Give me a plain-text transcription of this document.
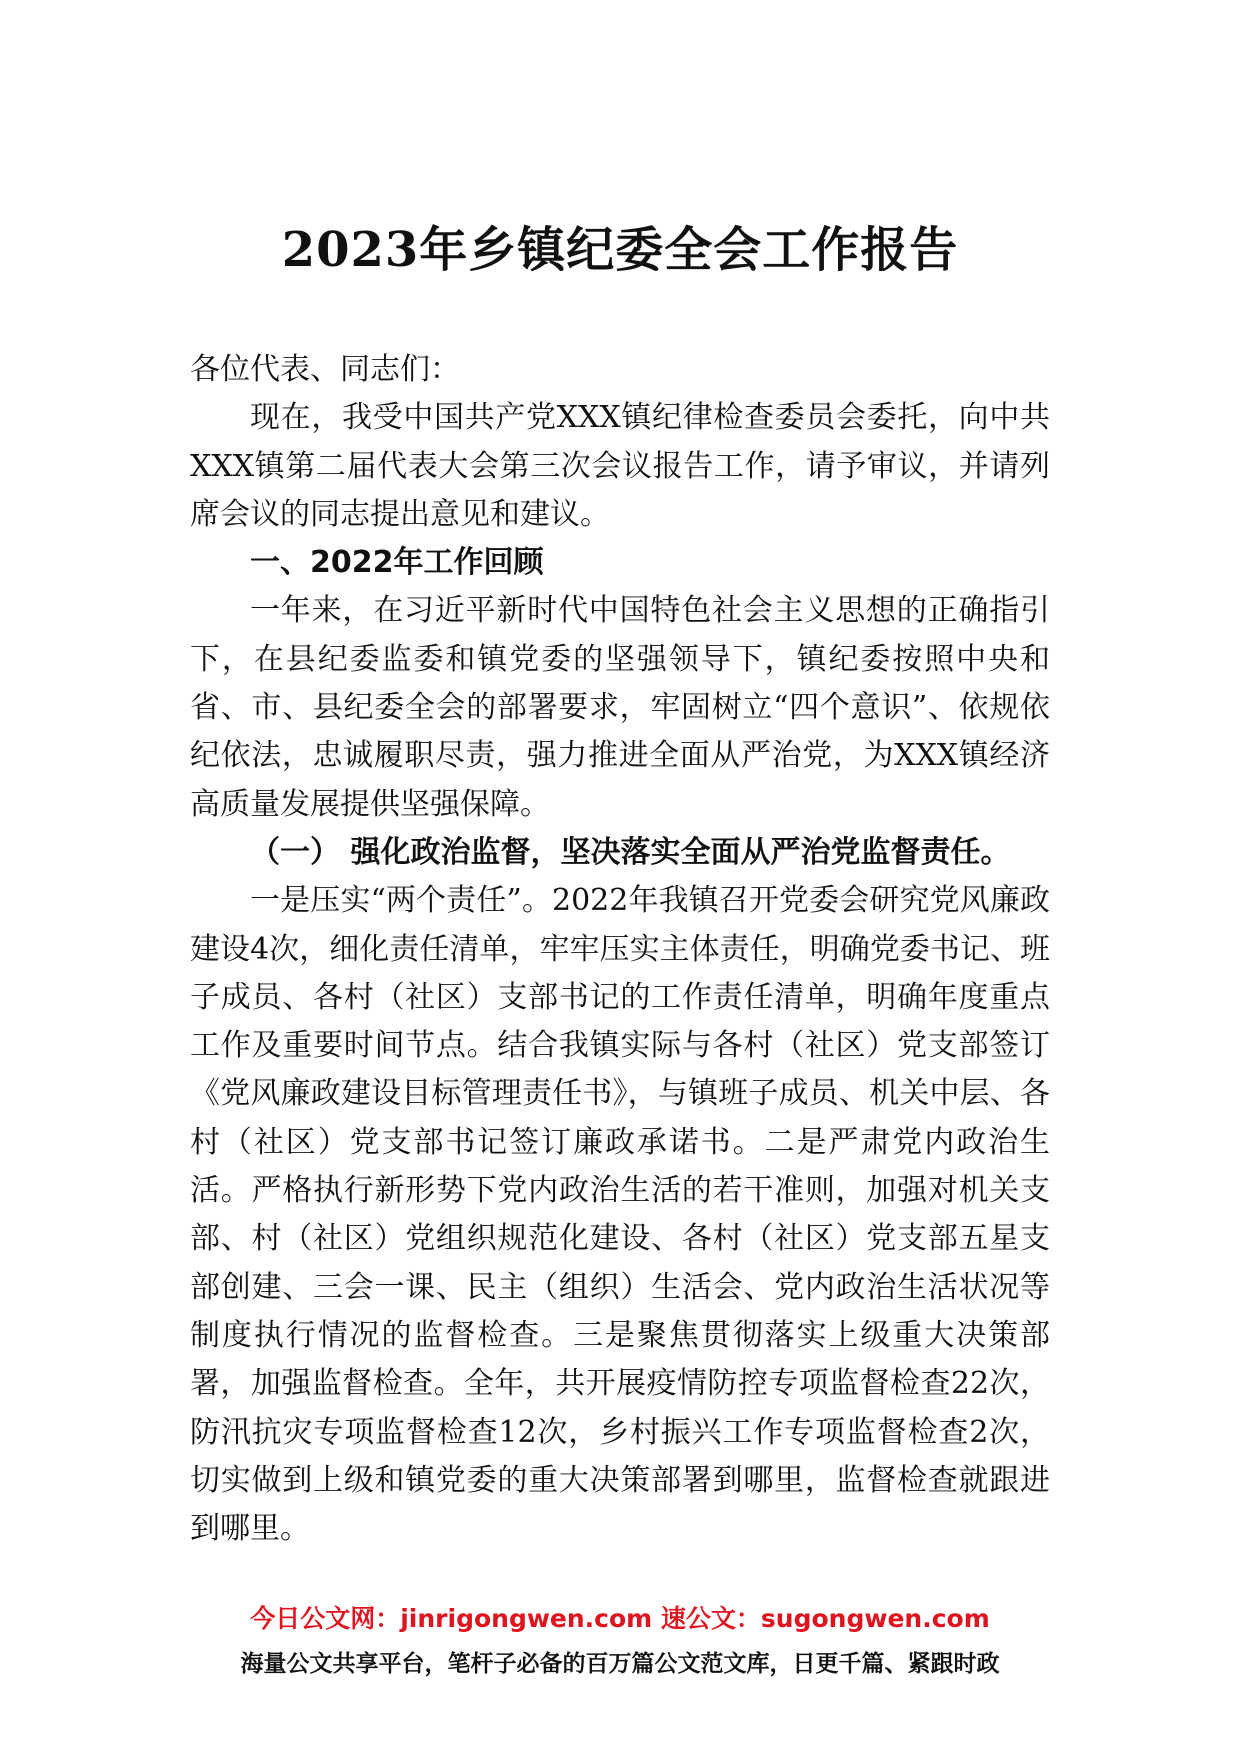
2023年乡镇纪委全会工作报告

各位代表、同志们：

现在，我受中国共产党XXX镇纪律检查委员会委托，向中共XXX镇第二届代表大会第三次会议报告工作，请予审议，并请列席会议的同志提出意见和建议。

一、2022年工作回顾

一年来，在习近平新时代中国特色社会主义思想的正确指引下，在县纪委监委和镇党委的坚强领导下，镇纪委按照中央和省、市、县纪委全会的部署要求，牢固树立“四个意识”、依规依纪依法，忠诚履职尽责，强力推进全面从严治党，为XXX镇经济高质量发展提供坚强保障。

（一） 强化政治监督，坚决落实全面从严治党监督责任。

一是压实“两个责任”。2022年我镇召开党委会研究党风廉政建设4次，细化责任清单，牢牢压实主体责任，明确党委书记、班子成员、各村（社区）支部书记的工作责任清单，明确年度重点工作及重要时间节点。结合我镇实际与各村（社区）党支部签订《党风廉政建设目标管理责任书》，与镇班子成员、机关中层、各村（社区）党支部书记签订廉政承诺书。二是严肃党内政治生活。严格执行新形势下党内政治生活的若干准则，加强对机关支部、村（社区）党组织规范化建设、各村（社区）党支部五星支部创建、三会一课、民主（组织）生活会、党内政治生活状况等制度执行情况的监督检查。三是聚焦贯彻落实上级重大决策部署，加强监督检查。全年，共开展疫情防控专项监督检查22次，防汛抗灾专项监督检查12次，乡村振兴工作专项监督检查2次，切实做到上级和镇党委的重大决策部署到哪里，监督检查就跟进到哪里。

今日公文网：jinrigongwen.com 速公文：sugongwen.com
海量公文共享平台，笔杆子必备的百万篇公文范文库，日更千篇、紧跟时政
